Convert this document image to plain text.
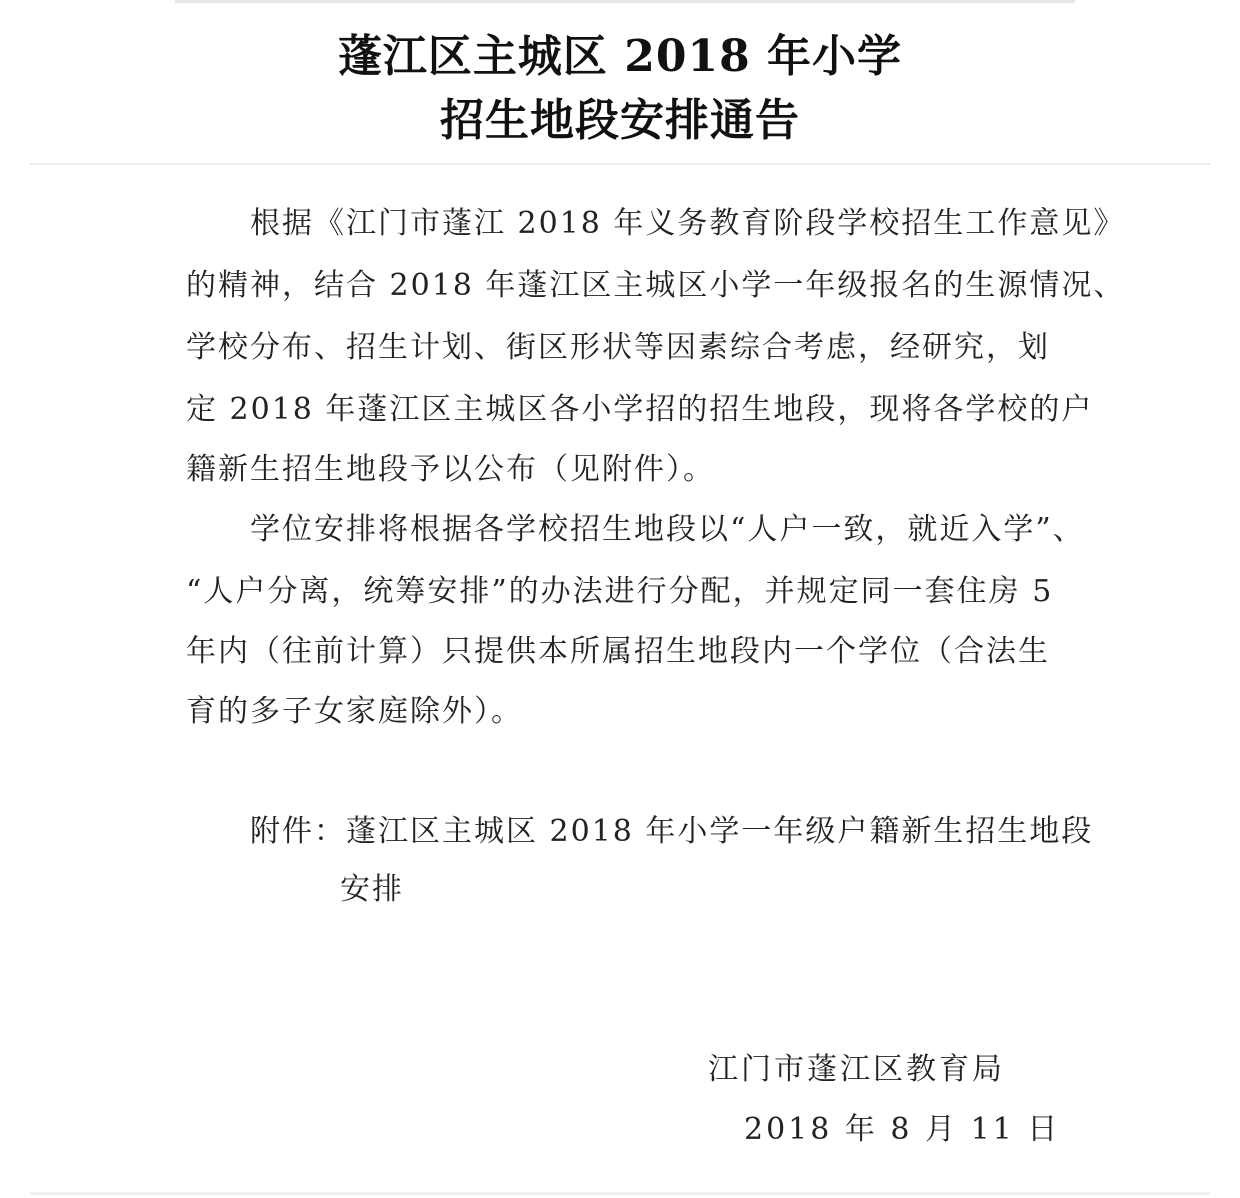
蓬江区主城区 2018 年小学
招生地段安排通告
根据《江门市蓬江 2018 年义务教育阶段学校招生工作意见》
的精神，结合 2018 年蓬江区主城区小学一年级报名的生源情况、
学校分布、招生计划、街区形状等因素综合考虑，经研究，划
定 2018 年蓬江区主城区各小学招的招生地段，现将各学校的户
籍新生招生地段予以公布（见附件）。
学位安排将根据各学校招生地段以“人户一致，就近入学”、
“人户分离，统筹安排”的办法进行分配，并规定同一套住房 5
年内（往前计算）只提供本所属招生地段内一个学位（合法生
育的多子女家庭除外）。
附件：蓬江区主城区 2018 年小学一年级户籍新生招生地段
安排
江门市蓬江区教育局
2018 年 8 月 11 日
